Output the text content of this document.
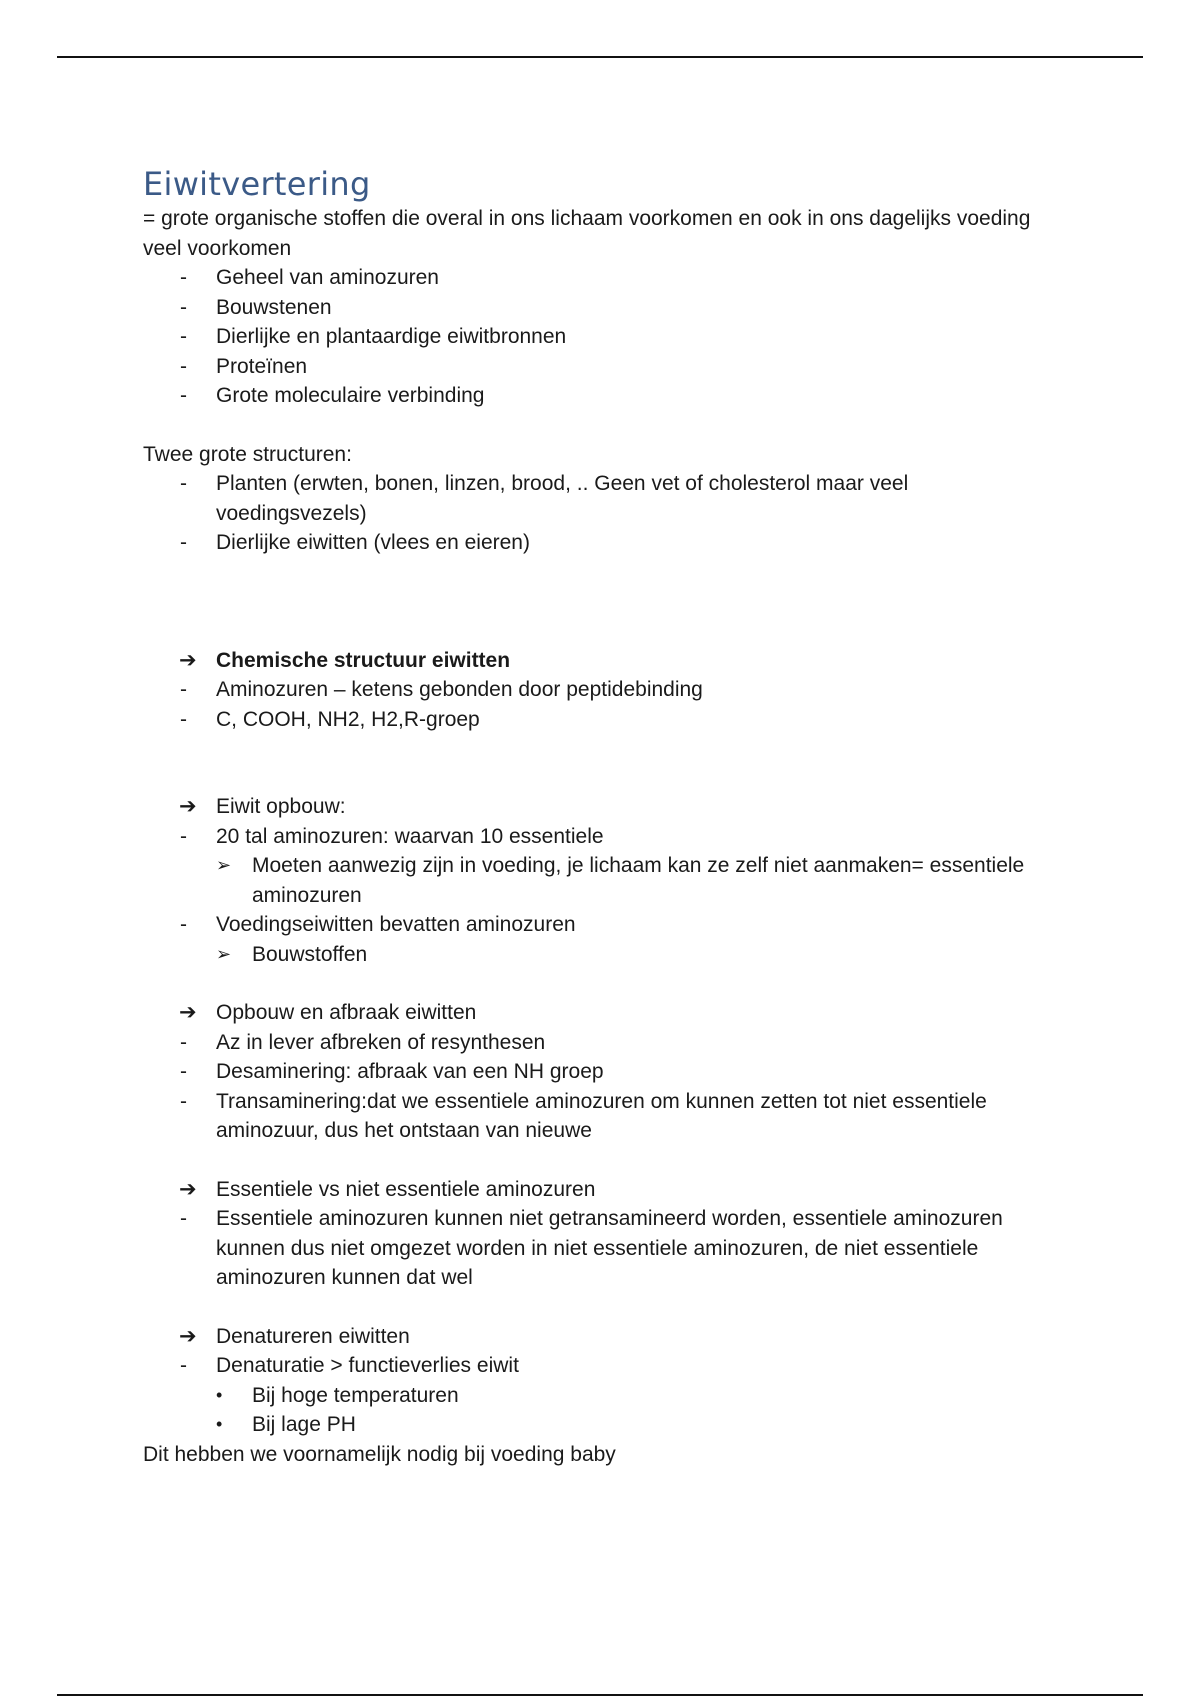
Eiwitvertering

= grote organische stoffen die overal in ons lichaam voorkomen en ook in ons dagelijks voeding veel voorkomen

-	Geheel van aminozuren
-	Bouwstenen
-	Dierlijke en plantaardige eiwitbronnen
-	Proteïnen
-	Grote moleculaire verbinding

Twee grote structuren:

-	Planten (erwten, bonen, linzen, brood, .. Geen vet of cholesterol maar veel voedingsvezels)
-	Dierlijke eiwitten (vlees en eieren)
➔ Chemische structuur eiwitten
-	Aminozuren – ketens gebonden door peptidebinding
-	C, COOH, NH2, H2,R-groep
➔ Eiwit opbouw:
-	20 tal aminozuren: waarvan 10 essentiele
➢ Moeten aanwezig zijn in voeding, je lichaam kan ze zelf niet aanmaken= essentiele aminozuren
-	Voedingseiwitten bevatten aminozuren
➢ Bouwstoffen
➔ Opbouw en afbraak eiwitten
-	Az in lever afbreken of resynthesen
-	Desaminering: afbraak van een NH groep
-	Transaminering:dat we essentiele aminozuren om kunnen zetten tot niet essentiele aminozuur, dus het ontstaan van nieuwe
➔ Essentiele vs niet essentiele aminozuren
-	Essentiele aminozuren kunnen niet getransamineerd worden, essentiele aminozuren kunnen dus niet omgezet worden in niet essentiele aminozuren, de niet essentiele aminozuren kunnen dat wel
➔ Denatureren eiwitten
-	Denaturatie > functieverlies eiwit
•	Bij hoge temperaturen
•	Bij lage PH

Dit hebben we voornamelijk nodig bij voeding baby
